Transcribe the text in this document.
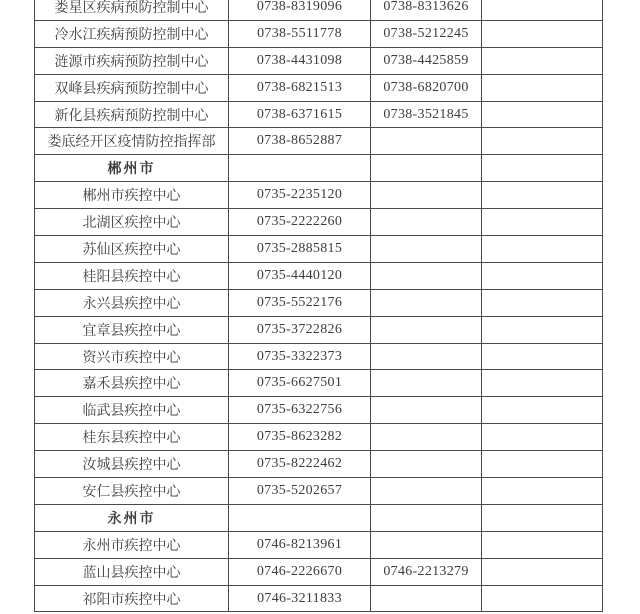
娄星区疾病预防控制中心	0738-8319096	0738-8313626	
冷水江疾病预防控制中心	0738-5511778	0738-5212245	
涟源市疾病预防控制中心	0738-4431098	0738-4425859	
双峰县疾病预防控制中心	0738-6821513	0738-6820700	
新化县疾病预防控制中心	0738-6371615	0738-3521845	
娄底经开区疫情防控指挥部	0738-8652887		
郴州市			
郴州市疾控中心	0735-2235120		
北湖区疾控中心	0735-2222260		
苏仙区疾控中心	0735-2885815		
桂阳县疾控中心	0735-4440120		
永兴县疾控中心	0735-5522176		
宜章县疾控中心	0735-3722826		
资兴市疾控中心	0735-3322373		
嘉禾县疾控中心	0735-6627501		
临武县疾控中心	0735-6322756		
桂东县疾控中心	0735-8623282		
汝城县疾控中心	0735-8222462		
安仁县疾控中心	0735-5202657		
永州市			
永州市疾控中心	0746-8213961		
蓝山县疾控中心	0746-2226670	0746-2213279	
祁阳市疾控中心	0746-3211833		
